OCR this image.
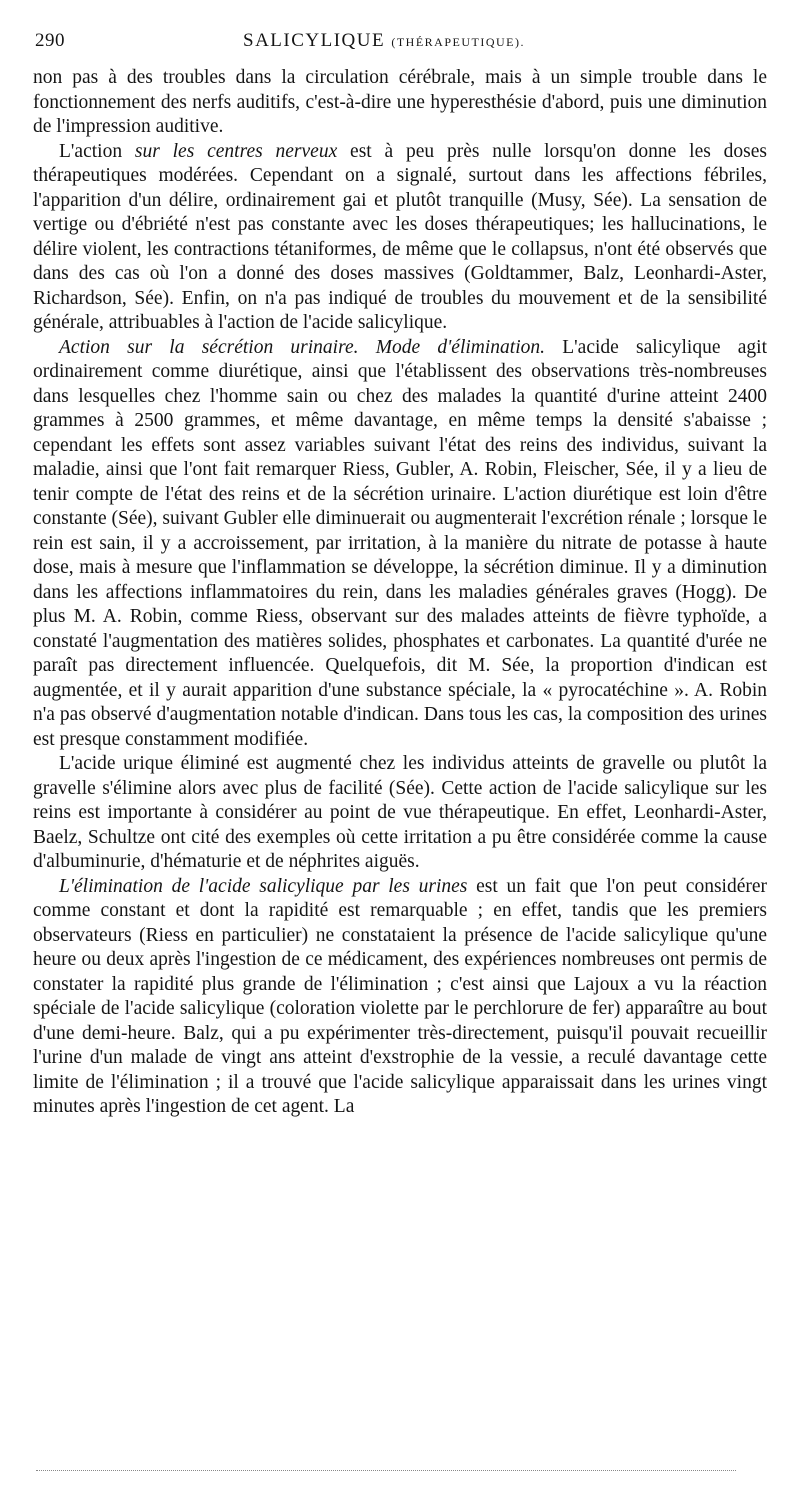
290	SALICYLIQUE (THÉRAPEUTIQUE).

non pas à des troubles dans la circulation cérébrale, mais à un simple trouble dans le fonctionnement des nerfs auditifs, c'est-à-dire une hyperesthésie d'abord, puis une diminution de l'impression auditive.

L'action sur les centres nerveux est à peu près nulle lorsqu'on donne les doses thérapeutiques modérées. Cependant on a signalé, surtout dans les affections fébriles, l'apparition d'un délire, ordinairement gai et plutôt tranquille (Musy, Sée). La sensation de vertige ou d'ébriété n'est pas constante avec les doses thérapeutiques; les hallucinations, le délire violent, les contractions tétaniformes, de même que le collapsus, n'ont été observés que dans des cas où l'on a donné des doses massives (Goldtammer, Balz, Leonhardi-Aster, Richardson, Sée). Enfin, on n'a pas indiqué de troubles du mouvement et de la sensibilité générale, attribuables à l'action de l'acide salicylique.

Action sur la sécrétion urinaire. Mode d'élimination. L'acide salicylique agit ordinairement comme diurétique, ainsi que l'établissent des observations très-nombreuses dans lesquelles chez l'homme sain ou chez des malades la quantité d'urine atteint 2400 grammes à 2500 grammes, et même davantage, en même temps la densité s'abaisse ; cependant les effets sont assez variables suivant l'état des reins des individus, suivant la maladie, ainsi que l'ont fait remarquer Riess, Gubler, A. Robin, Fleischer, Sée, il y a lieu de tenir compte de l'état des reins et de la sécrétion urinaire. L'action diurétique est loin d'être constante (Sée), suivant Gubler elle diminuerait ou augmenterait l'excrétion rénale ; lorsque le rein est sain, il y a accroissement, par irritation, à la manière du nitrate de potasse à haute dose, mais à mesure que l'inflammation se développe, la sécrétion diminue. Il y a diminution dans les affections inflammatoires du rein, dans les maladies générales graves (Hogg). De plus M. A. Robin, comme Riess, observant sur des malades atteints de fièvre typhoïde, a constaté l'augmentation des matières solides, phosphates et carbonates. La quantité d'urée ne paraît pas directement influencée. Quelquefois, dit M. Sée, la proportion d'indican est augmentée, et il y aurait apparition d'une substance spéciale, la « pyrocatéchine ». A. Robin n'a pas observé d'augmentation notable d'indican. Dans tous les cas, la composition des urines est presque constamment modifiée.

L'acide urique éliminé est augmenté chez les individus atteints de gravelle ou plutôt la gravelle s'élimine alors avec plus de facilité (Sée). Cette action de l'acide salicylique sur les reins est importante à considérer au point de vue thérapeutique. En effet, Leonhardi-Aster, Baelz, Schultze ont cité des exemples où cette irritation a pu être considérée comme la cause d'albuminurie, d'hématurie et de néphrites aiguës.

L'élimination de l'acide salicylique par les urines est un fait que l'on peut considérer comme constant et dont la rapidité est remarquable ; en effet, tandis que les premiers observateurs (Riess en particulier) ne constataient la présence de l'acide salicylique qu'une heure ou deux après l'ingestion de ce médicament, des expériences nombreuses ont permis de constater la rapidité plus grande de l'élimination ; c'est ainsi que Lajoux a vu la réaction spéciale de l'acide salicylique (coloration violette par le perchlorure de fer) apparaître au bout d'une demi-heure. Balz, qui a pu expérimenter très-directement, puisqu'il pouvait recueillir l'urine d'un malade de vingt ans atteint d'exstrophie de la vessie, a reculé davantage cette limite de l'élimination ; il a trouvé que l'acide salicylique apparaissait dans les urines vingt minutes après l'ingestion de cet agent. La
